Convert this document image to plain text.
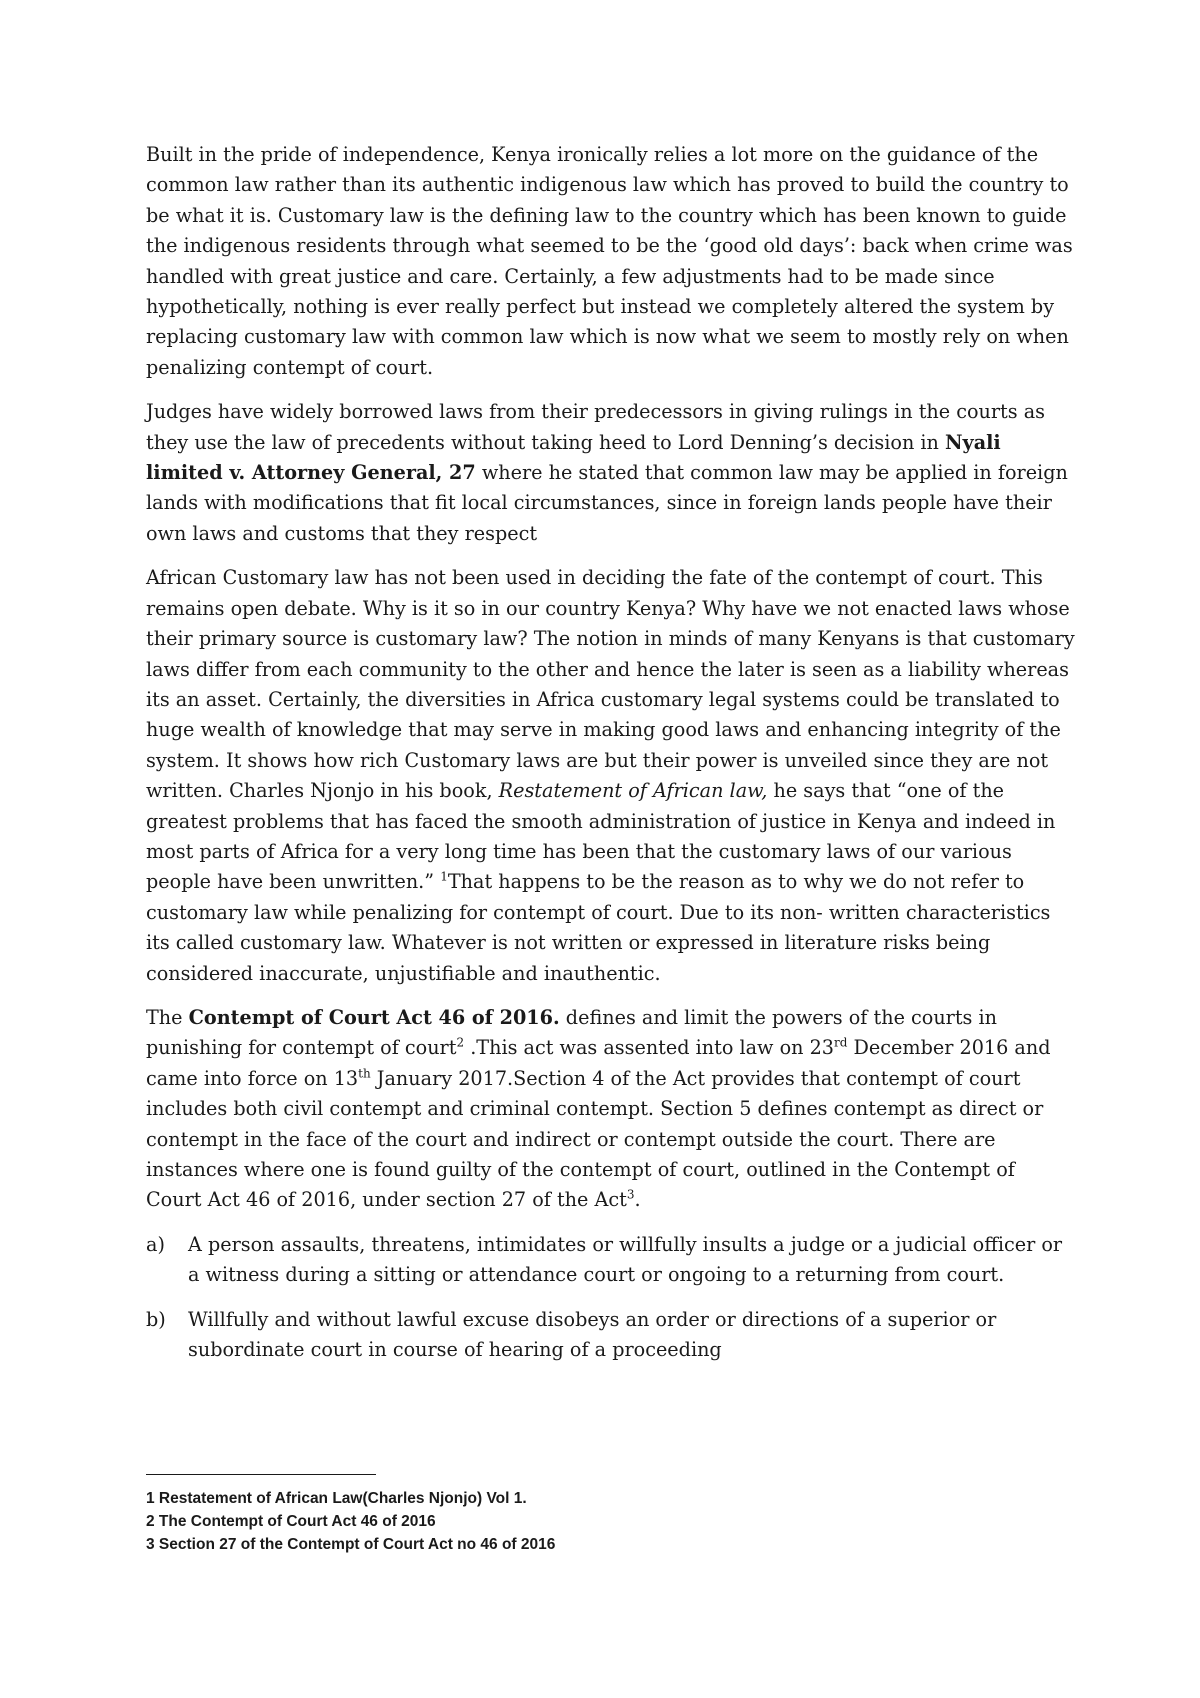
Built in the pride of independence, Kenya ironically relies a lot more on the guidance of the common law rather than its authentic indigenous law which has proved to build the country to be what it is. Customary law is the defining law to the country which has been known to guide the indigenous residents through what seemed to be the ‘good old days’: back when crime was handled with great justice and care. Certainly, a few adjustments had to be made since hypothetically, nothing is ever really perfect but instead we completely altered the system by replacing customary law with common law which is now what we seem to mostly rely on when penalizing contempt of court.

Judges have widely borrowed laws from their predecessors in giving rulings in the courts as they use the law of precedents without taking heed to Lord Denning’s decision in Nyali limited v. Attorney General, 27 where he stated that common law may be applied in foreign lands with modifications that fit local circumstances, since in foreign lands people have their own laws and customs that they respect

African Customary law has not been used in deciding the fate of the contempt of court. This remains open debate. Why is it so in our country Kenya? Why have we not enacted laws whose their primary source is customary law? The notion in minds of many Kenyans is that customary laws differ from each community to the other and hence the later is seen as a liability whereas its an asset. Certainly, the diversities in Africa customary legal systems could be translated to huge wealth of knowledge that may serve in making good laws and enhancing integrity of the system. It shows how rich Customary laws are but their power is unveiled since they are not written. Charles Njonjo in his book, Restatement of African law, he says that “one of the greatest problems that has faced the smooth administration of justice in Kenya and indeed in most parts of Africa for a very long time has been that the customary laws of our various people have been unwritten.” $^1$That happens to be the reason as to why we do not refer to customary law while penalizing for contempt of court. Due to its non- written characteristics its called customary law. Whatever is not written or expressed in literature risks being considered inaccurate, unjustifiable and inauthentic.

The Contempt of Court Act 46 of 2016. defines and limit the powers of the courts in punishing for contempt of court$^2$ .This act was assented into law on 23rd December 2016 and came into force on 13th January 2017.Section 4 of the Act provides that contempt of court includes both civil contempt and criminal contempt. Section 5 defines contempt as direct or contempt in the face of the court and indirect or contempt outside the court. There are instances where one is found guilty of the contempt of court, outlined in the Contempt of Court Act 46 of 2016, under section 27 of the Act$^3$.

a) A person assaults, threatens, intimidates or willfully insults a judge or a judicial officer or a witness during a sitting or attendance court or ongoing to a returning from court.
b) Willfully and without lawful excuse disobeys an order or directions of a superior or subordinate court in course of hearing of a proceeding
1 Restatement of African Law(Charles Njonjo) Vol 1.
2 The Contempt of Court Act 46 of 2016
3 Section 27 of the Contempt of Court Act no 46 of 2016
